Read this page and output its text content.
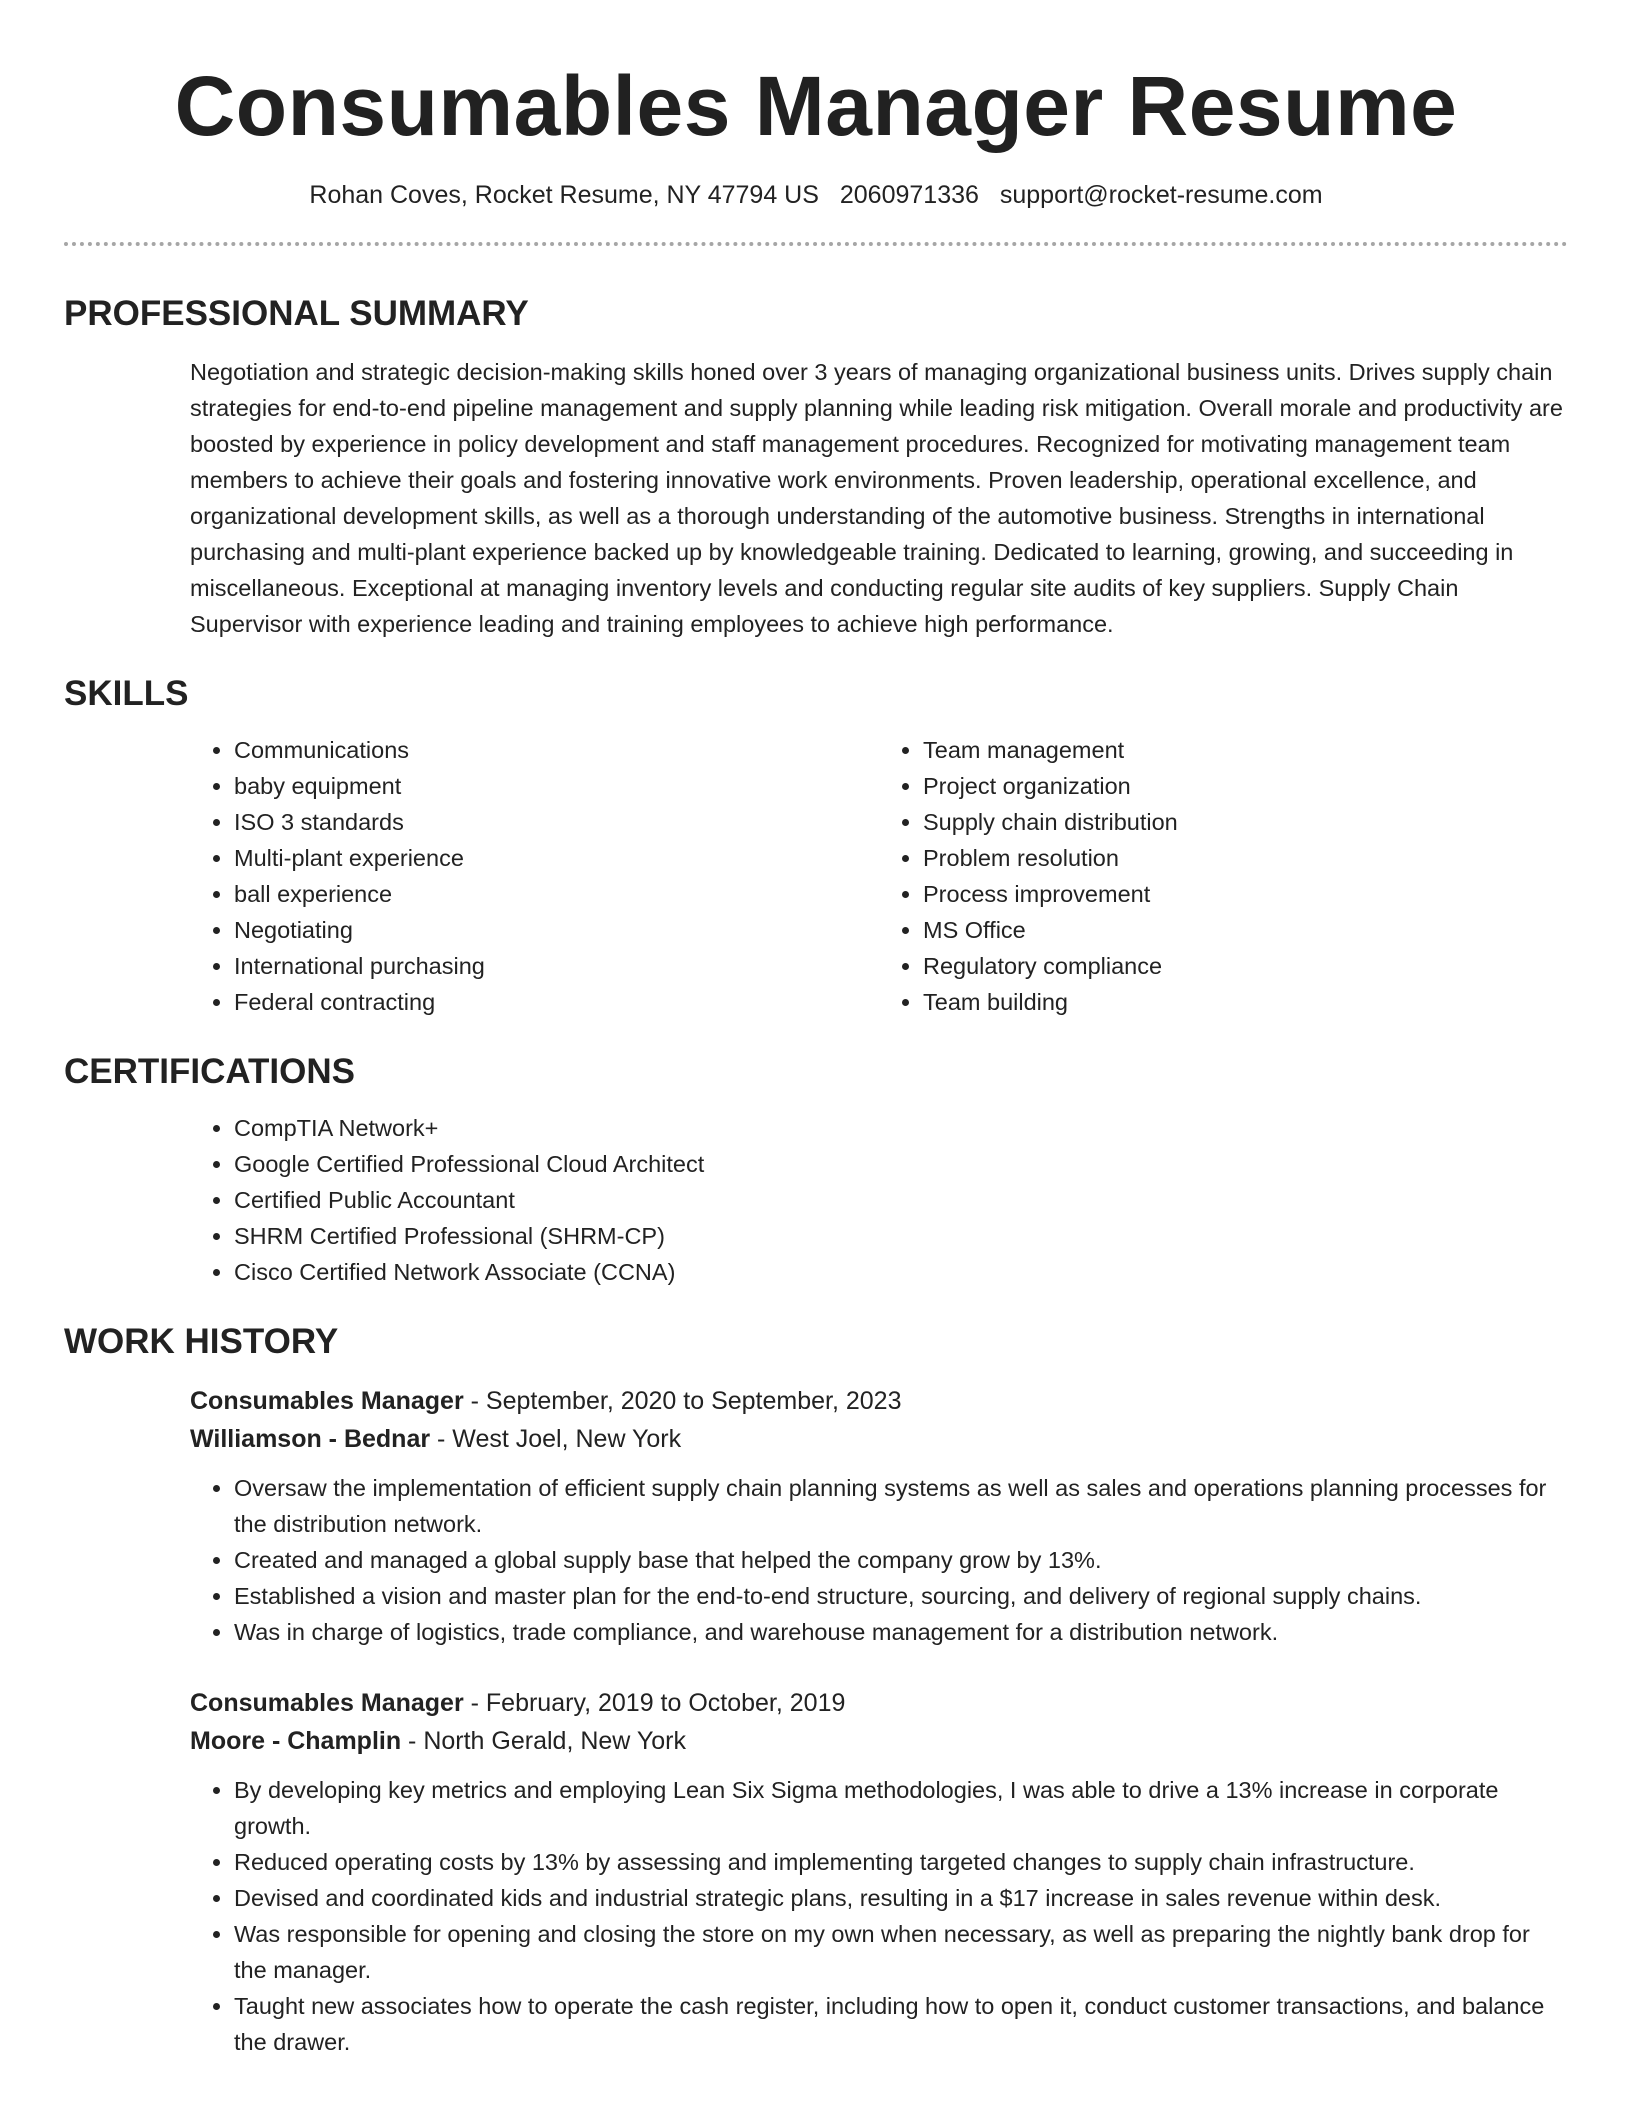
Consumables Manager Resume
Rohan Coves, Rocket Resume, NY 47794 US 2060971336 support@rocket-resume.com
PROFESSIONAL SUMMARY

Negotiation and strategic decision-making skills honed over 3 years of managing organizational business units. Drives supply chain strategies for end-to-end pipeline management and supply planning while leading risk mitigation. Overall morale and productivity are boosted by experience in policy development and staff management procedures. Recognized for motivating management team members to achieve their goals and fostering innovative work environments. Proven leadership, operational excellence, and organizational development skills, as well as a thorough understanding of the automotive business. Strengths in international purchasing and multi-plant experience backed up by knowledgeable training. Dedicated to learning, growing, and succeeding in miscellaneous. Exceptional at managing inventory levels and conducting regular site audits of key suppliers. Supply Chain Supervisor with experience leading and training employees to achieve high performance.

SKILLS
• Communications
• baby equipment
• ISO 3 standards
• Multi-plant experience
• ball experience
• Negotiating
• International purchasing
• Federal contracting
• Team management
• Project organization
• Supply chain distribution
• Problem resolution
• Process improvement
• MS Office
• Regulatory compliance
• Team building
CERTIFICATIONS
• CompTIA Network+
• Google Certified Professional Cloud Architect
• Certified Public Accountant
• SHRM Certified Professional (SHRM-CP)
• Cisco Certified Network Associate (CCNA)
WORK HISTORY
Consumables Manager - September, 2020 to September, 2023
Williamson - Bednar - West Joel, New York
• Oversaw the implementation of efficient supply chain planning systems as well as sales and operations planning processes for the distribution network.
• Created and managed a global supply base that helped the company grow by 13%.
• Established a vision and master plan for the end-to-end structure, sourcing, and delivery of regional supply chains.
• Was in charge of logistics, trade compliance, and warehouse management for a distribution network.
Consumables Manager - February, 2019 to October, 2019
Moore - Champlin - North Gerald, New York
• By developing key metrics and employing Lean Six Sigma methodologies, I was able to drive a 13% increase in corporate growth.
• Reduced operating costs by 13% by assessing and implementing targeted changes to supply chain infrastructure.
• Devised and coordinated kids and industrial strategic plans, resulting in a $17 increase in sales revenue within desk.
• Was responsible for opening and closing the store on my own when necessary, as well as preparing the nightly bank drop for the manager.
• Taught new associates how to operate the cash register, including how to open it, conduct customer transactions, and balance the drawer.
